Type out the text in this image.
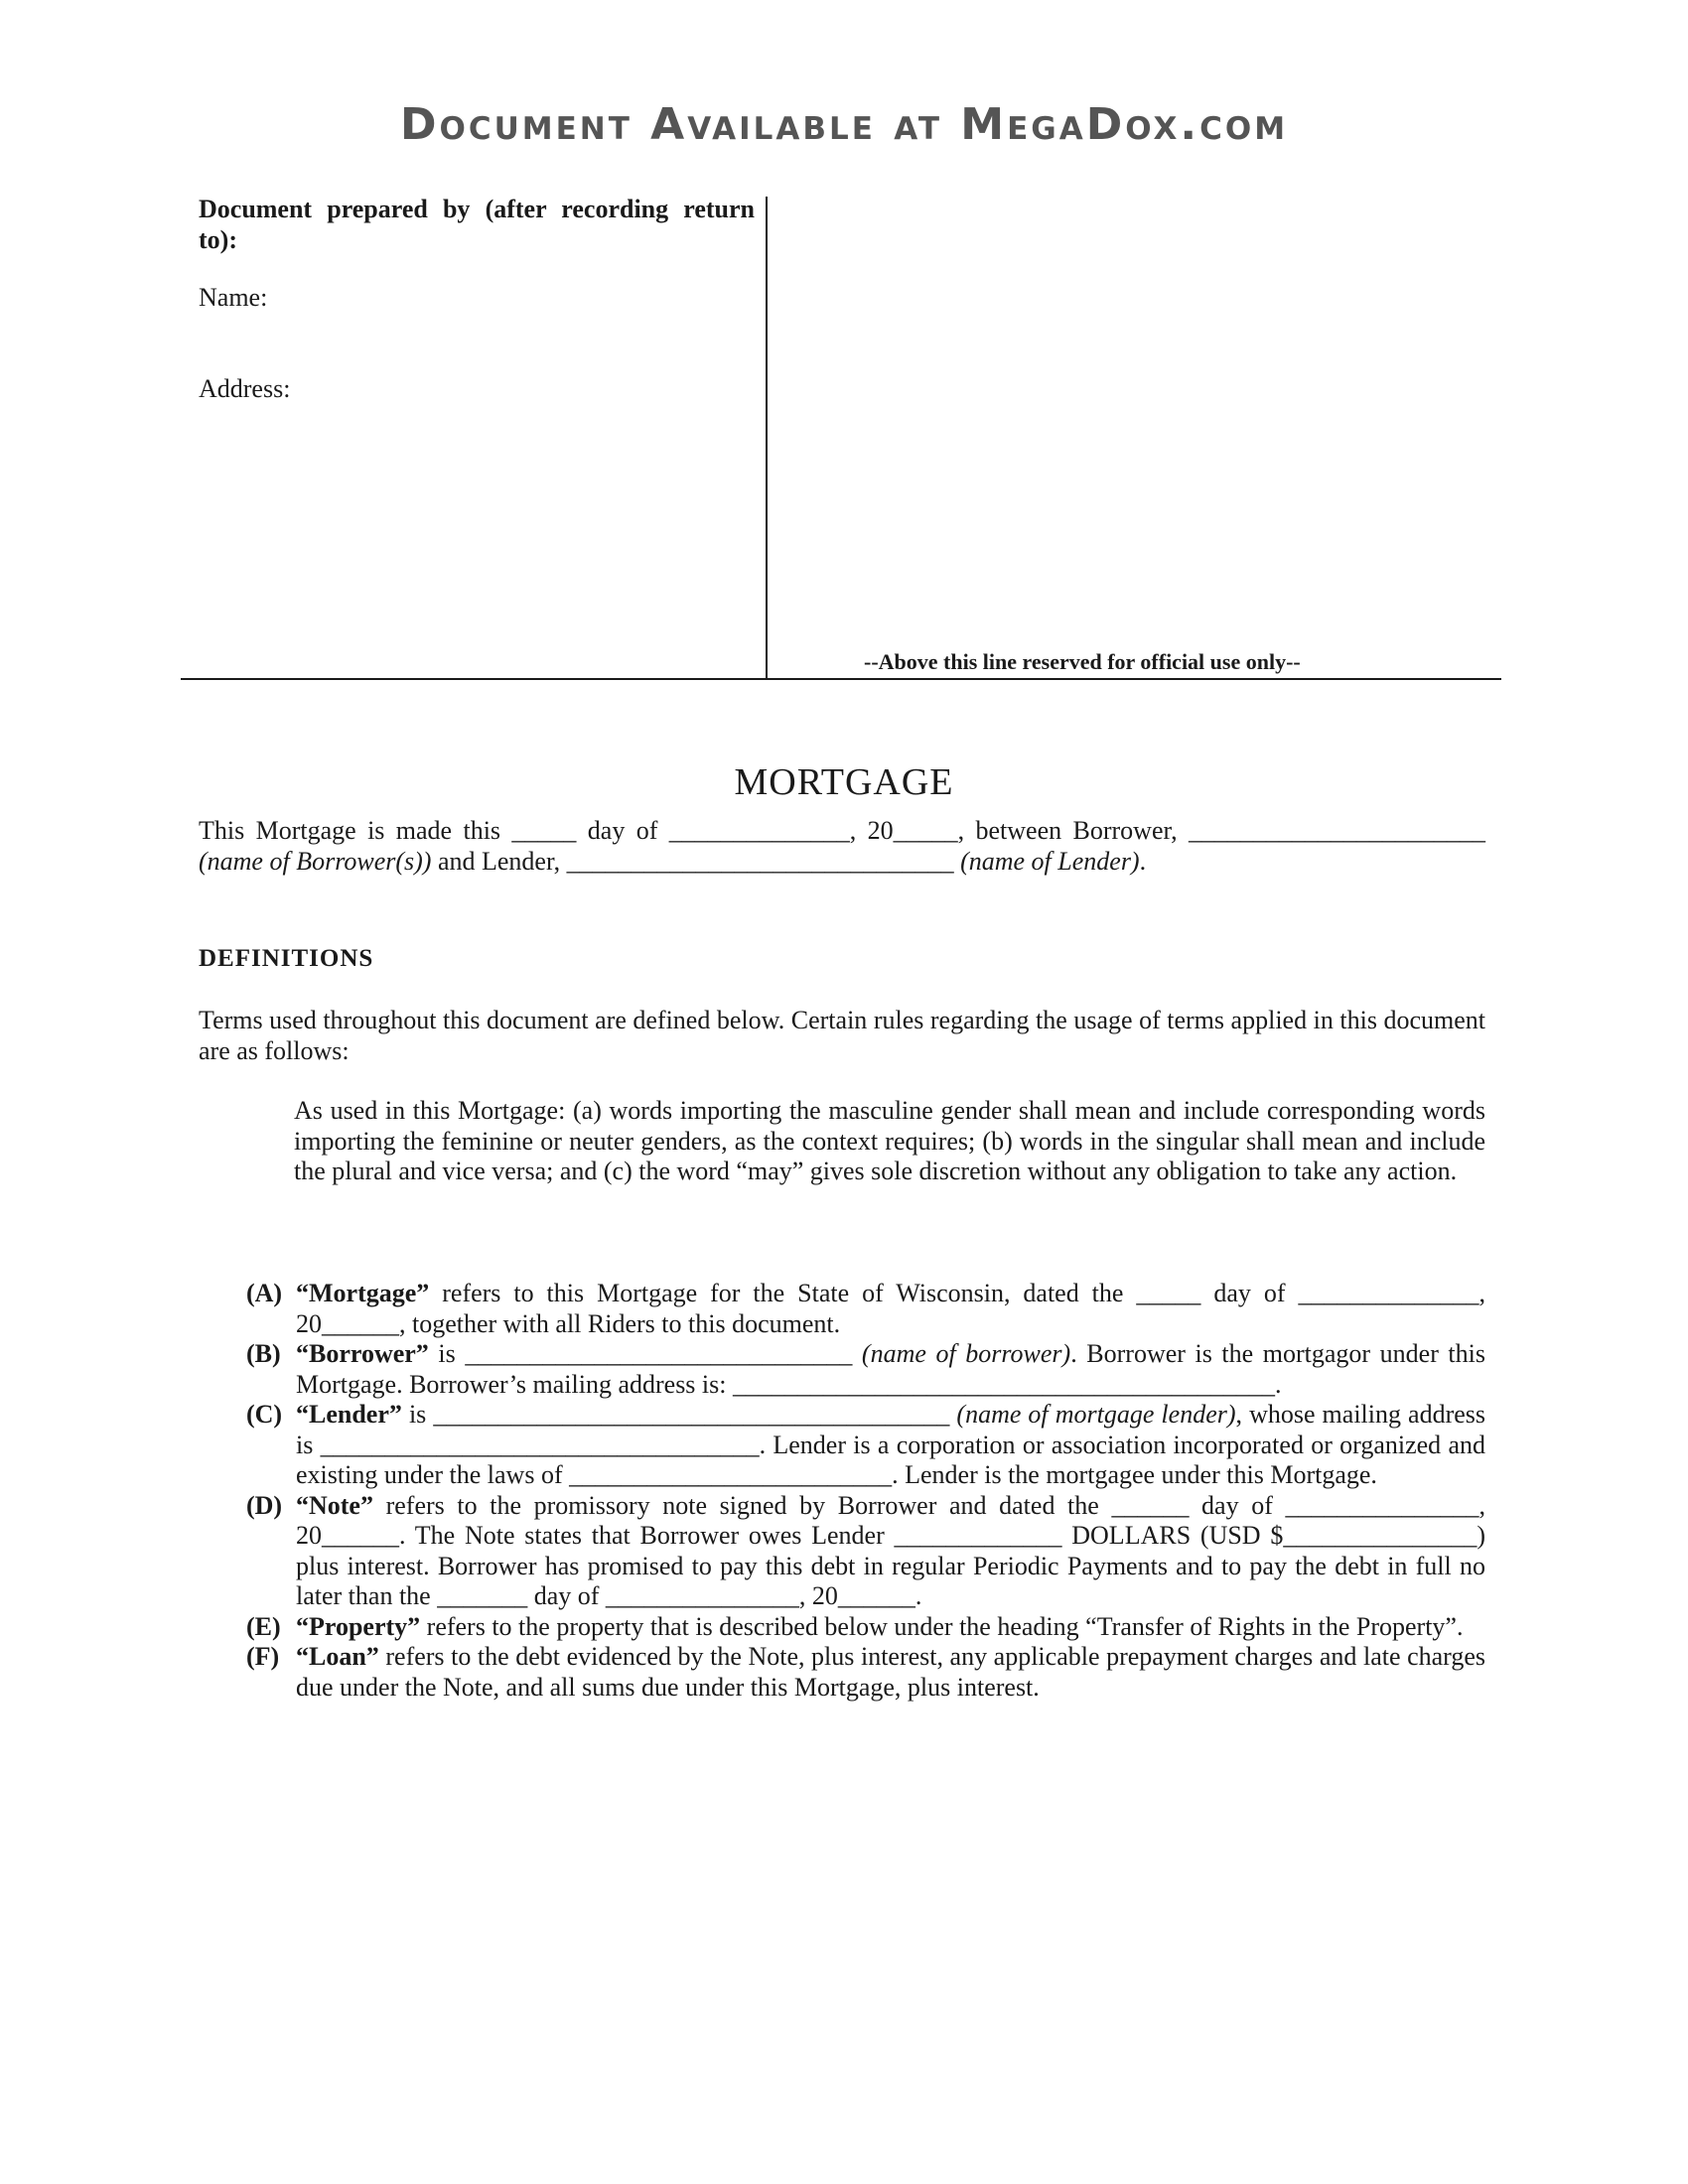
Document Available at MegaDox.com
Document prepared by (after recording return to):
Name:
Address:
--Above this line reserved for official use only--
MORTGAGE
This Mortgage is made this _____ day of ______________, 20_____, between Borrower, _______________________ (name of Borrower(s)) and Lender, ______________________________ (name of Lender).
DEFINITIONS
Terms used throughout this document are defined below. Certain rules regarding the usage of terms applied in this document are as follows:
As used in this Mortgage: (a) words importing the masculine gender shall mean and include corresponding words importing the feminine or neuter genders, as the context requires; (b) words in the singular shall mean and include the plural and vice versa; and (c) the word “may” gives sole discretion without any obligation to take any action.
(A) “Mortgage” refers to this Mortgage for the State of Wisconsin, dated the _____ day of ______________, 20______, together with all Riders to this document.
(B) “Borrower” is ______________________________ (name of borrower). Borrower is the mortgagor under this Mortgage. Borrower’s mailing address is: __________________________________________.
(C) “Lender” is ________________________________________ (name of mortgage lender), whose mailing address is __________________________________. Lender is a corporation or association incorporated or organized and existing under the laws of _________________________. Lender is the mortgagee under this Mortgage.
(D) “Note” refers to the promissory note signed by Borrower and dated the ______ day of _______________, 20______. The Note states that Borrower owes Lender _____________ DOLLARS (USD $_______________) plus interest. Borrower has promised to pay this debt in regular Periodic Payments and to pay the debt in full no later than the _______ day of _______________, 20______.
(E) “Property” refers to the property that is described below under the heading “Transfer of Rights in the Property”.
(F) “Loan” refers to the debt evidenced by the Note, plus interest, any applicable prepayment charges and late charges due under the Note, and all sums due under this Mortgage, plus interest.
